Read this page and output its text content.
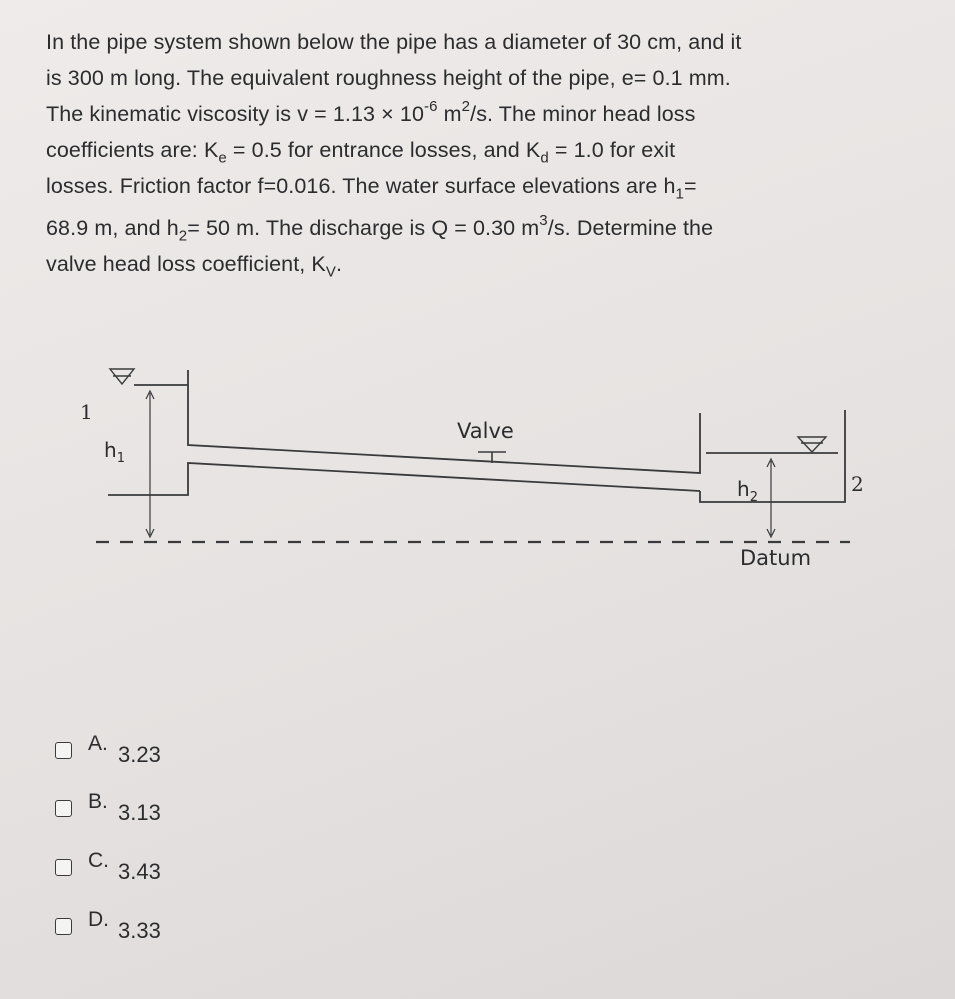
In the pipe system shown below the pipe has a diameter of 30 cm, and it
is 300 m long. The equivalent roughness height of the pipe, e= 0.1 mm.
The kinematic viscosity is $v = 1.13 \times 10^{-6}$ $m^2/s$. The minor head loss
coefficients are: $K_e = 0.5$ for entrance losses, and $K_d = 1.0$ for exit
losses. Friction factor f=0.016. The water surface elevations are $h_1=$
68.9 m, and $h_2= 50$ m. The discharge is Q = 0.30 $m^3/s$. Determine the
valve head loss coefficient, $K_V$.
1
2
$h_1$
$h_2$
Valve
Datum
A. 3.23
B. 3.13
C. 3.43
D. 3.33
